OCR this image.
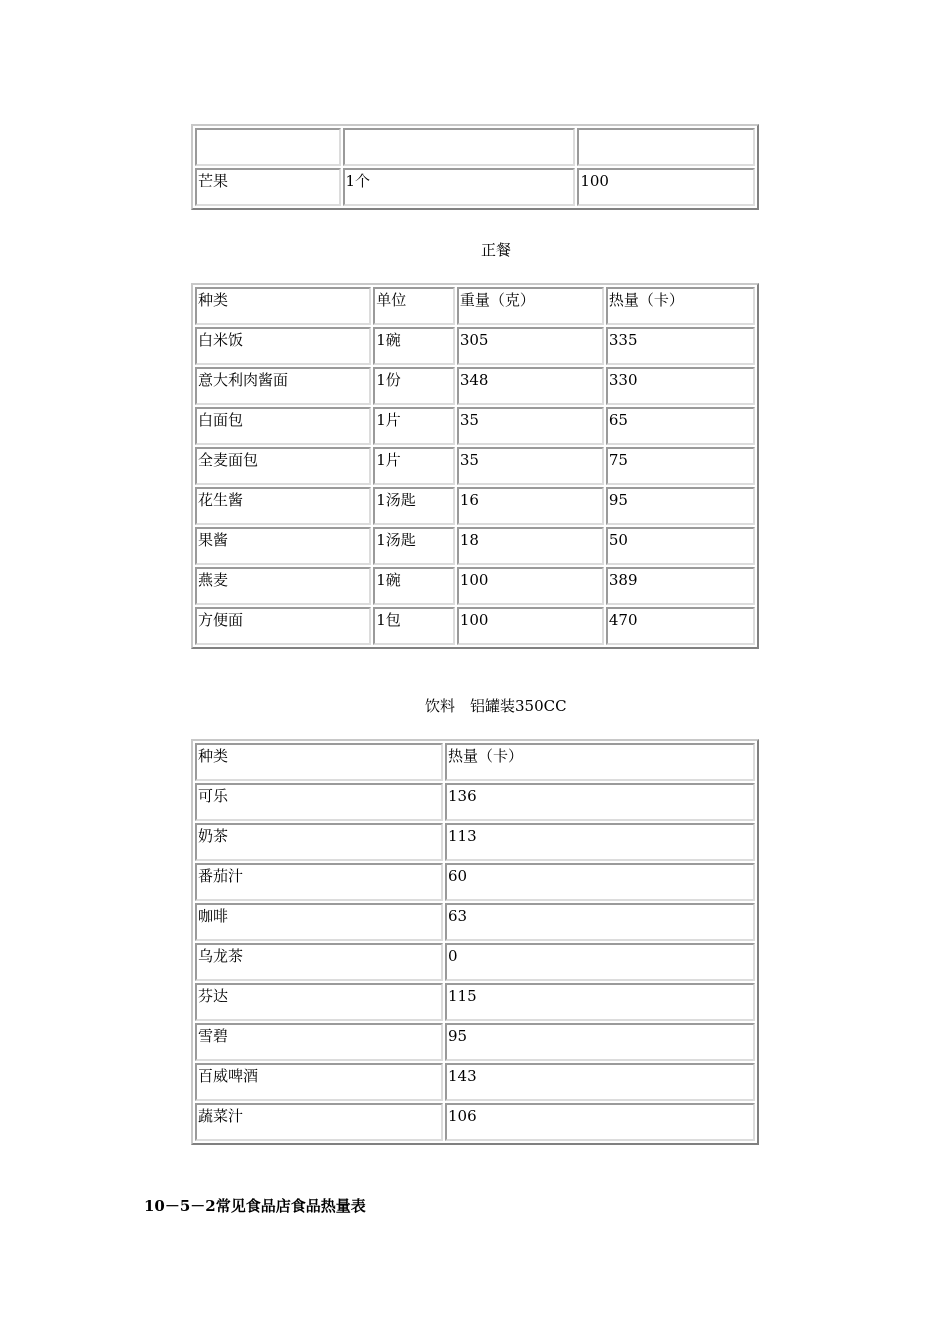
芒果	1个	100
正餐
种类	单位	重量（克）	热量（卡）
白米饭	1碗	305	335
意大利肉酱面	1份	348	330
白面包	1片	35	65
全麦面包	1片	35	75
花生酱	1汤匙	16	95
果酱	1汤匙	18	50
燕麦	1碗	100	389
方便面	1包	100	470
饮料　铝罐装350CC
种类	热量（卡）
可乐	136
奶茶	113
番茄汁	60
咖啡	63
乌龙茶	0
芬达	115
雪碧	95
百威啤酒	143
蔬菜汁	106
10－5－2常见食品店食品热量表
